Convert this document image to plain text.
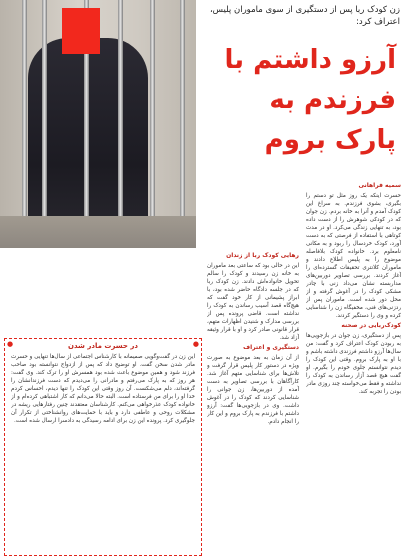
زن کودک ربا پس از دستگیری از سوی ماموران پلیس، اعتراف کرد:
آرزو داشتم با فرزندم به پارک بروم
سمیه فراهانی
حسرت اینکه یک روز مثل تو دستم را بگیری، بشوی فرزندم. به سراغ این کودک آمدم و آنرا به خانه بردم. زن جوان که در کودکی شوهرش را از دست داده بود، به تنهایی زندگی می‌کرد. او در مدت کوتاهی با استفاده از فرصتی که به دست آورد، کودک خردسال را ربود و به مکانی نامعلوم برد. خانواده کودک بلافاصله موضوع را به پلیس اطلاع دادند و ماموران کلانتری تحقیقات گسترده‌ای را آغاز کردند. بررسی تصاویر دوربین‌های مداربسته نشان می‌داد زنی با چادر مشکی کودک را در آغوش گرفته و از محل دور شده است. ماموران پس از ردزنی‌های فنی، مخفیگاه زن را شناسایی کرده و وی را دستگیر کردند.
کودک‌ربایی در صحنه
پس از دستگیری، زن جوان در بازجویی‌ها به ربودن کودک اعتراف کرد و گفت: من سال‌ها آرزو داشتم فرزندی داشته باشم و با او به پارک بروم. وقتی این کودک را دیدم نتوانستم جلوی خودم را بگیرم. او گفت هیچ قصد آزار رساندن به کودک را نداشته و فقط می‌خواسته چند روزی مادر بودن را تجربه کند.
رهایی کودک ربا از زندان
این در حالی بود که ساعتی بعد ماموران به خانه زن رسیدند و کودک را سالم تحویل خانواده‌اش دادند. زن کودک ربا که در جلسه دادگاه حاضر شده بود، با ابراز پشیمانی از کار خود گفت که هیچ‌گاه قصد آسیب رساندن به کودک را نداشته است. قاضی پرونده پس از بررسی مدارک و شنیدن اظهارات متهم، قرار قانونی صادر کرد و او با قرار وثیقه آزاد شد.
دستگیری و اعتراف
از آن زمان به بعد موضوع به صورت ویژه در دستور کار پلیس قرار گرفت و تلاش‌ها برای شناسایی متهم آغاز شد. کارآگاهان با بررسی تصاویر به دست آمده از دوربین‌ها، زن جوانی را شناسایی کردند که کودک را در آغوش داشت. وی در بازجویی‌ها گفت: آرزو داشتم با فرزندم به پارک بروم و این کار را انجام دادم.
●	●
در حسرت مادر شدن
این زن در گفت‌وگویی صمیمانه با کارشناس اجتماعی از سال‌ها تنهایی و حسرت مادر شدن سخن گفت. او توضیح داد که پس از ازدواج نتوانسته بود صاحب فرزند شود و همین موضوع باعث شده بود همسرش او را ترک کند. وی گفت: هر روز که به پارک می‌رفتم و مادرانی را می‌دیدم که دست فرزندانشان را گرفته‌اند، دلم می‌شکست. آن روز وقتی این کودک را تنها دیدم، احساس کردم خدا او را برای من فرستاده است. البته حالا می‌دانم که کار اشتباهی کرده‌ام و از خانواده کودک عذرخواهی می‌کنم. کارشناسان معتقدند چنین رفتارهایی ریشه در مشکلات روحی و عاطفی دارد و باید با حمایت‌های روانشناختی از تکرار آن جلوگیری کرد. پرونده این زن برای ادامه رسیدگی به دادسرا ارسال شده است.
